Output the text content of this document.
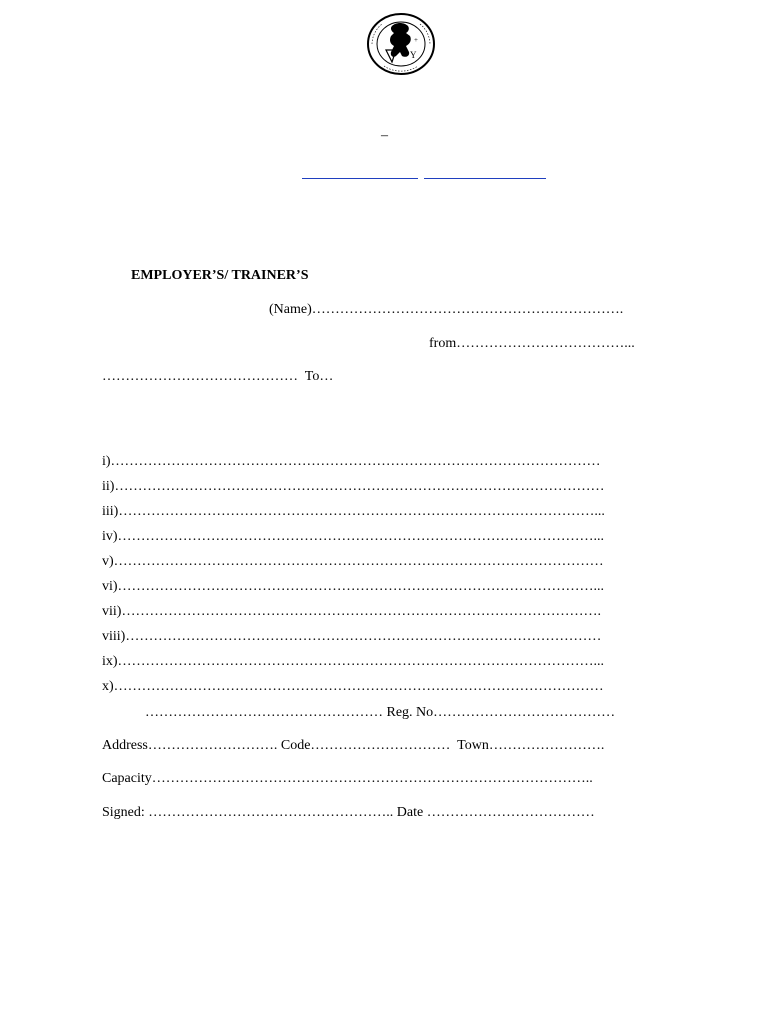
Y
+
–
EMPLOYER’S/ TRAINER’S
(Name)………………………………………………………….
from………………………………...
……………………………………  To…
i)……………………………………………………………………………………………
ii)……………………………………………………………………………………………
iii)…………………………………………………………………………………………...
iv)…………………………………………………………………………………………...
v)……………………………………………………………………………………………
vi)…………………………………………………………………………………………...
vii)………………………………………………………………………………………….
viii)…………………………………………………………………………………………
ix)…………………………………………………………………………………………...
x)……………………………………………………………………………………………
…………………………………………… Reg. No…………………………………
Address………………………. Code…………………………  Town…………………….
Capacity…………………………………………………………………………………..
Signed: …………………………………………….. Date ………………………………
